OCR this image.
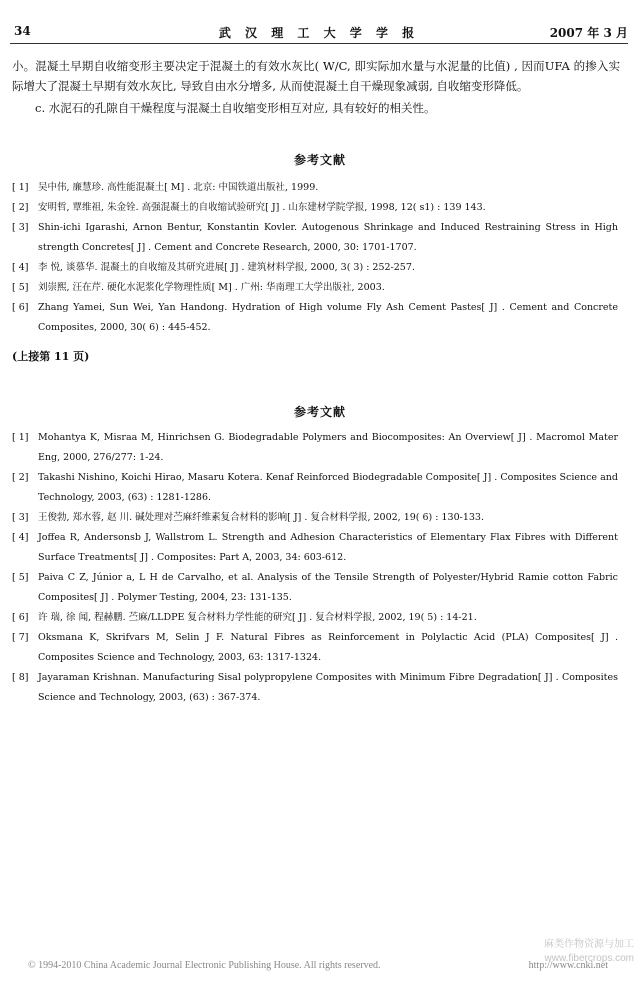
34	武 汉 理 工 大 学 学 报	2007 年 3 月

小。混凝土早期自收缩变形主要决定于混凝土的有效水灰比( W/C, 即实际加水量与水泥量的比值) , 因而UFA 的掺入实际增大了混凝土早期有效水灰比, 导致自由水分增多, 从而使混凝土自干燥现象减弱, 自收缩变形降低。

c. 水泥石的孔隙自干燥程度与混凝土自收缩变形相互对应, 具有较好的相关性。

参考文献
[ 1]	吴中伟, 廉慧珍. 高性能混凝土[ M] . 北京: 中国铁道出版社, 1999.
[ 2]	安明哲, 覃维祖, 朱金铨. 高强混凝土的自收缩试验研究[ J] . 山东建材学院学报, 1998, 12( s1) : 139 143.
[ 3]	Shin-ichi Igarashi, Arnon Bentur, Konstantin Kovler. Autogenous Shrinkage and Induced Restraining Stress in High strength Concretes[ J] . Cement and Concrete Research, 2000, 30: 1701-1707.
[ 4]	李 悦, 谈慕华. 混凝土的自收缩及其研究进展[ J] . 建筑材料学报, 2000, 3( 3) : 252-257.
[ 5]	刘崇熙, 汪在芹. 硬化水泥浆化学物理性质[ M] . 广州: 华南理工大学出版社, 2003.
[ 6]	Zhang Yamei, Sun Wei, Yan Handong. Hydration of High volume Fly Ash Cement Pastes[ J] . Cement and Concrete Composites, 2000, 30( 6) : 445-452.
(上接第 11 页)
参考文献
[ 1]	Mohantya K, Misraa M, Hinrichsen G. Biodegradable Polymers and Biocomposites: An Overview[ J] . Macromol Mater Eng, 2000, 276/277: 1-24.
[ 2]	Takashi Nishino, Koichi Hirao, Masaru Kotera. Kenaf Reinforced Biodegradable Composite[ J] . Composites Science and Technology, 2003, (63) : 1281-1286.
[ 3]	王俊勃, 郑水蓉, 赵 川. 碱处理对苎麻纤维素复合材料的影响[ J] . 复合材料学报, 2002, 19( 6) : 130-133.
[ 4]	Joffea R, Andersonsb J, Wallstrom L. Strength and Adhesion Characteristics of Elementary Flax Fibres with Different Surface Treatments[ J] . Composites: Part A, 2003, 34: 603-612.
[ 5]	Paiva C Z, Júnior a, L H de Carvalho, et al. Analysis of the Tensile Strength of Polyester/Hybrid Ramie cotton Fabric Composites[ J] . Polymer Testing, 2004, 23: 131-135.
[ 6]	许 瑞, 徐 闻, 程赫鹏. 苎麻/LLDPE 复合材料力学性能的研究[ J] . 复合材料学报, 2002, 19( 5) : 14-21.
[ 7]	Oksmana K, Skrifvars M, Selin J F. Natural Fibres as Reinforcement in Polylactic Acid (PLA) Composites[ J] . Composites Science and Technology, 2003, 63: 1317-1324.
[ 8]	Jayaraman Krishnan. Manufacturing Sisal polypropylene Composites with Minimum Fibre Degradation[ J] . Composites Science and Technology, 2003, (63) : 367-374.
麻类作物资源与加工
www.fibercrops.com
© 1994-2010 China Academic Journal Electronic Publishing House. All rights reserved.	http://www.cnki.net
